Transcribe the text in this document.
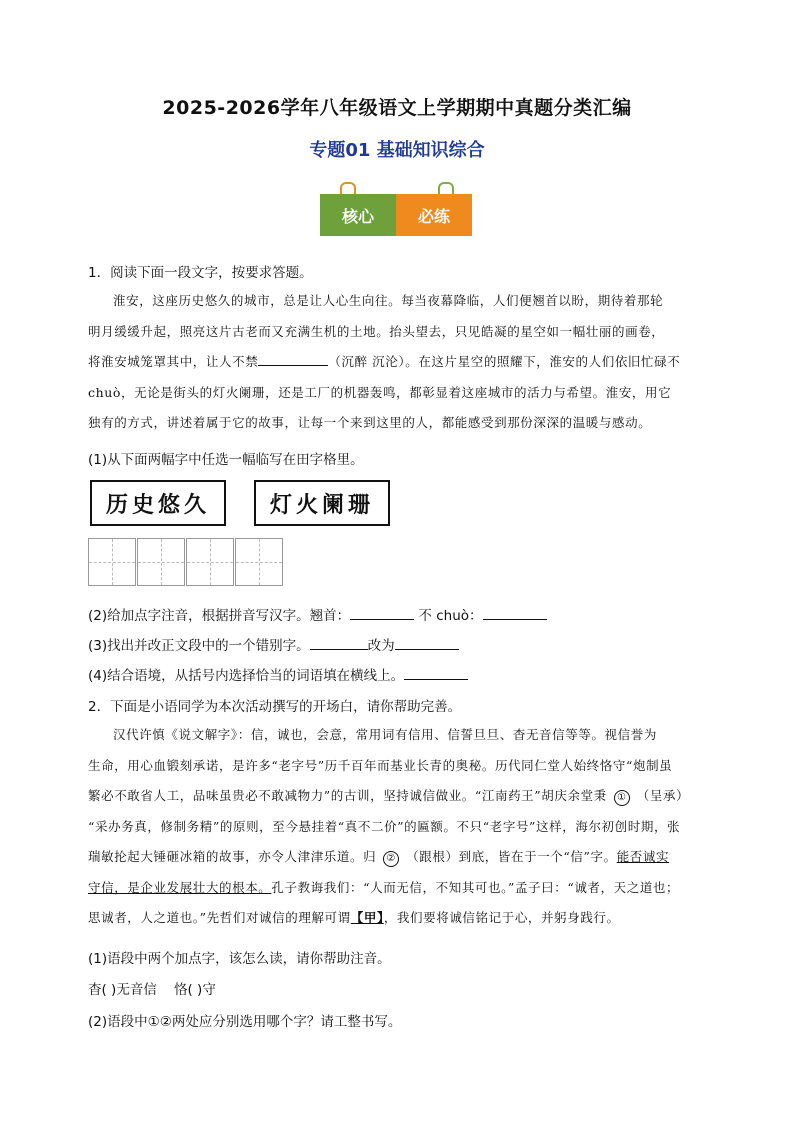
2025-2026学年八年级语文上学期期中真题分类汇编
专题01 基础知识综合
核心	必练
1．阅读下面一段文字，按要求答题。
淮安，这座历史悠久的城市，总是让人心生向往。每当夜幕降临，人们便翘首以盼，期待着那轮
明月缓缓升起，照亮这片古老而又充满生机的土地。抬头望去，只见皓凝的星空如一幅壮丽的画卷，
将淮安城笼罩其中，让人不禁	（沉醉 沉沦）。在这片星空的照耀下，淮安的人们依旧忙碌不
chuò，无论是街头的灯火阑珊，还是工厂的机器轰鸣，都彰显着这座城市的活力与希望。淮安，用它
独有的方式，讲述着属于它的故事，让每一个来到这里的人，都能感受到那份深深的温暖与感动。
(1)从下面两幅字中任选一幅临写在田字格里。
历史悠久	灯火阑珊
(2)给加点字注音，根据拼音写汉字。翘首：	不 chuò：
(3)找出并改正文段中的一个错别字。	改为
(4)结合语境，从括号内选择恰当的词语填在横线上。
2．下面是小语同学为本次活动撰写的开场白，请你帮助完善。
汉代许慎《说文解字》：信，诚也，会意，常用词有信用、信誓旦旦、杳无音信等等。视信誉为
生命，用心血锻刻承诺，是许多“老字号”历千百年而基业长青的奥秘。历代同仁堂人始终恪守“炮制虽
繁必不敢省人工，品味虽贵必不敢减物力”的古训，坚持诚信做业。“江南药王”胡庆余堂秉 ① （呈承）
“采办务真，修制务精”的原则，至今悬挂着“真不二价”的匾额。不只“老字号”这样，海尔初创时期，张
瑞敏抡起大锤砸冰箱的故事，亦令人津津乐道。归 ② （跟根）到底，皆在于一个“信”字。能否诚实
守信，是企业发展壮大的根本。孔子教诲我们：“人而无信，不知其可也。”孟子曰：“诚者，天之道也；
思诚者，人之道也。”先哲们对诚信的理解可谓【甲】，我们要将诚信铭记于心，并躬身践行。
(1)语段中两个加点字，该怎么读，请你帮助注音。
杳( )无音信 恪( )守
(2)语段中①②两处应分别选用哪个字？请工整书写。
